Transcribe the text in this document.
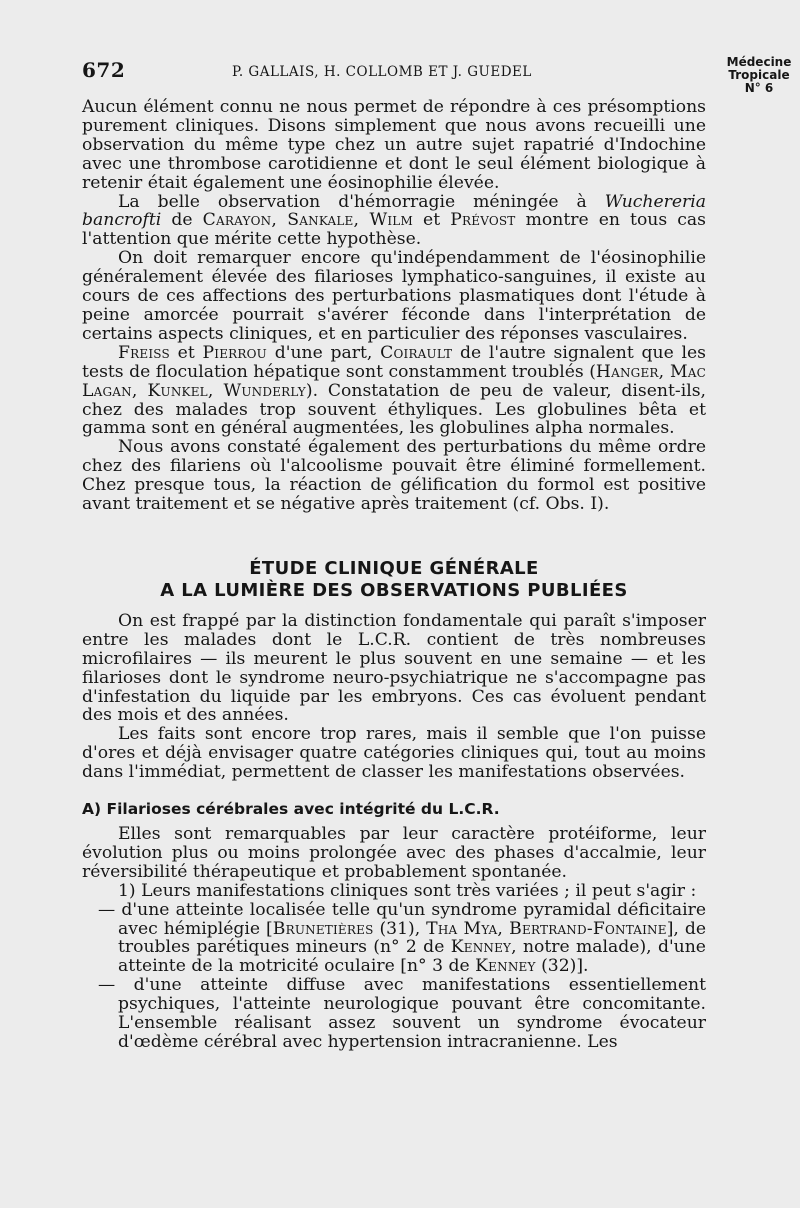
672	P. GALLAIS, H. COLLOMB ET J. GUEDEL
Médecine
Tropicale
N° 6

Aucun élément connu ne nous permet de répondre à ces présomptions purement cliniques. Disons simplement que nous avons recueilli une observation du même type chez un autre sujet rapatrié d'Indochine avec une thrombose carotidienne et dont le seul élément biologique à retenir était également une éosinophilie élevée.

La belle observation d'hémorragie méningée à Wuchereria bancrofti de Carayon, Sankale, Wilm et Prévost montre en tous cas l'attention que mérite cette hypothèse.

On doit remarquer encore qu'indépendamment de l'éosinophilie généralement élevée des filarioses lymphatico-sanguines, il existe au cours de ces affections des perturbations plasmatiques dont l'étude à peine amorcée pourrait s'avérer féconde dans l'interprétation de certains aspects cliniques, et en particulier des réponses vasculaires.

Freiss et Pierrou d'une part, Coirault de l'autre signalent que les tests de floculation hépatique sont constamment troublés (Hanger, Mac Lagan, Kunkel, Wunderly). Constatation de peu de valeur, disent-ils, chez des malades trop souvent éthyliques. Les globulines bêta et gamma sont en général augmentées, les globulines alpha normales.

Nous avons constaté également des perturbations du même ordre chez des filariens où l'alcoolisme pouvait être éliminé formellement. Chez presque tous, la réaction de gélification du formol est positive avant traitement et se négative après traitement (cf. Obs. I).

ÉTUDE CLINIQUE GÉNÉRALE
A LA LUMIÈRE DES OBSERVATIONS PUBLIÉES

On est frappé par la distinction fondamentale qui paraît s'imposer entre les malades dont le L.C.R. contient de très nombreuses microfilaires — ils meurent le plus souvent en une semaine — et les filarioses dont le syndrome neuro-psychiatrique ne s'accompagne pas d'infestation du liquide par les embryons. Ces cas évoluent pendant des mois et des années.

Les faits sont encore trop rares, mais il semble que l'on puisse d'ores et déjà envisager quatre catégories cliniques qui, tout au moins dans l'immédiat, permettent de classer les manifestations observées.

A) Filarioses cérébrales avec intégrité du L.C.R.

Elles sont remarquables par leur caractère protéiforme, leur évolution plus ou moins prolongée avec des phases d'accalmie, leur réversibilité thérapeutique et probablement spontanée.

1) Leurs manifestations cliniques sont très variées ; il peut s'agir :

— d'une atteinte localisée telle qu'un syndrome pyramidal déficitaire avec hémiplégie [Brunetières (31), Tha Mya, Bertrand-Fontaine], de troubles parétiques mineurs (n° 2 de Kenney, notre malade), d'une atteinte de la motricité oculaire [n° 3 de Kenney (32)].

— d'une atteinte diffuse avec manifestations essentiellement psychiques, l'atteinte neurologique pouvant être concomitante. L'ensemble réalisant assez souvent un syndrome évocateur d'œdème cérébral avec hypertension intracranienne. Les
